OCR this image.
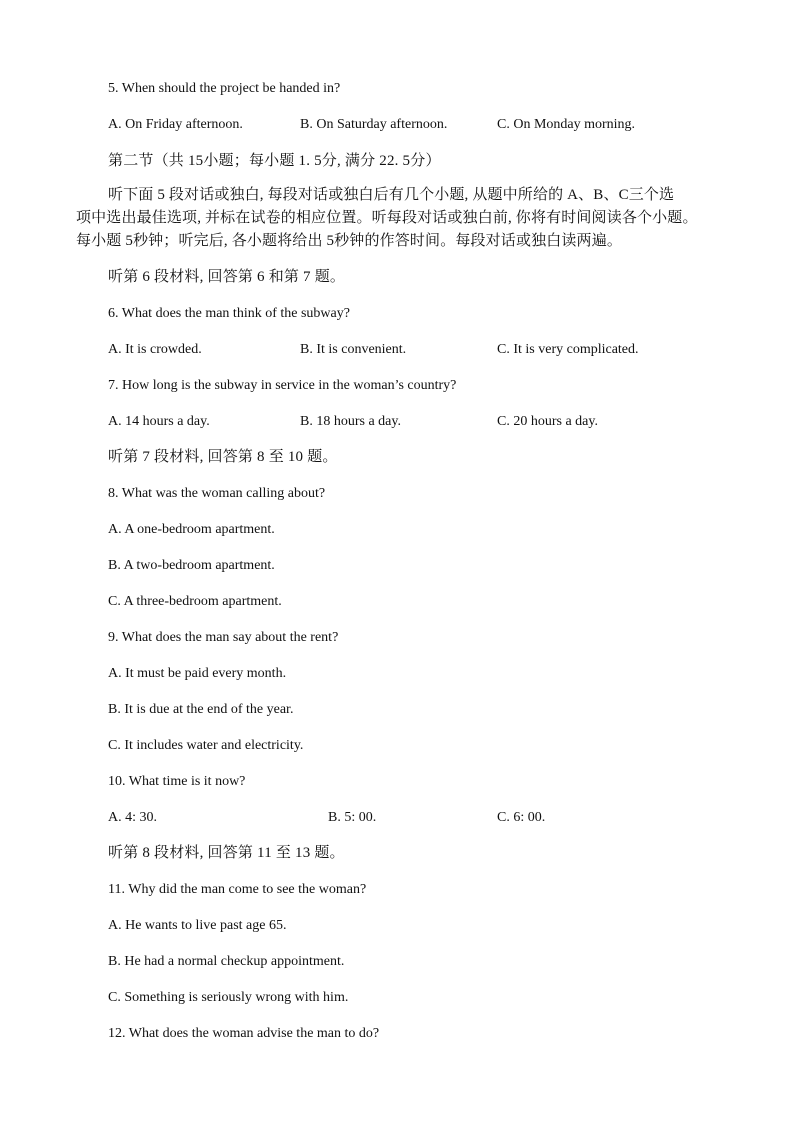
5. When should the project be handed in?
A. On Friday afternoon.	B. On Saturday afternoon.	C. On Monday morning.
第二节（共 15小题；每小题 1. 5分, 满分 22. 5分）
听下面 5 段对话或独白, 每段对话或独白后有几个小题, 从题中所给的 A、B、C三个选
项中选出最佳选项, 并标在试卷的相应位置。听每段对话或独白前, 你将有时间阅读各个小题。
每小题 5秒钟；听完后, 各小题将给出 5秒钟的作答时间。每段对话或独白读两遍。
听第 6 段材料, 回答第 6 和第 7 题。
6. What does the man think of the subway?
A. It is crowded.	B. It is convenient.	C. It is very complicated.
7. How long is the subway in service in the woman’s country?
A. 14 hours a day.	B. 18 hours a day.	C. 20 hours a day.
听第 7 段材料, 回答第 8 至 10 题。
8. What was the woman calling about?
A. A one-bedroom apartment.
B. A two-bedroom apartment.
C. A three-bedroom apartment.
9. What does the man say about the rent?
A. It must be paid every month.
B. It is due at the end of the year.
C. It includes water and electricity.
10. What time is it now?
A. 4: 30.	B. 5: 00.	C. 6: 00.
听第 8 段材料, 回答第 11 至 13 题。
11. Why did the man come to see the woman?
A. He wants to live past age 65.
B. He had a normal checkup appointment.
C. Something is seriously wrong with him.
12. What does the woman advise the man to do?
